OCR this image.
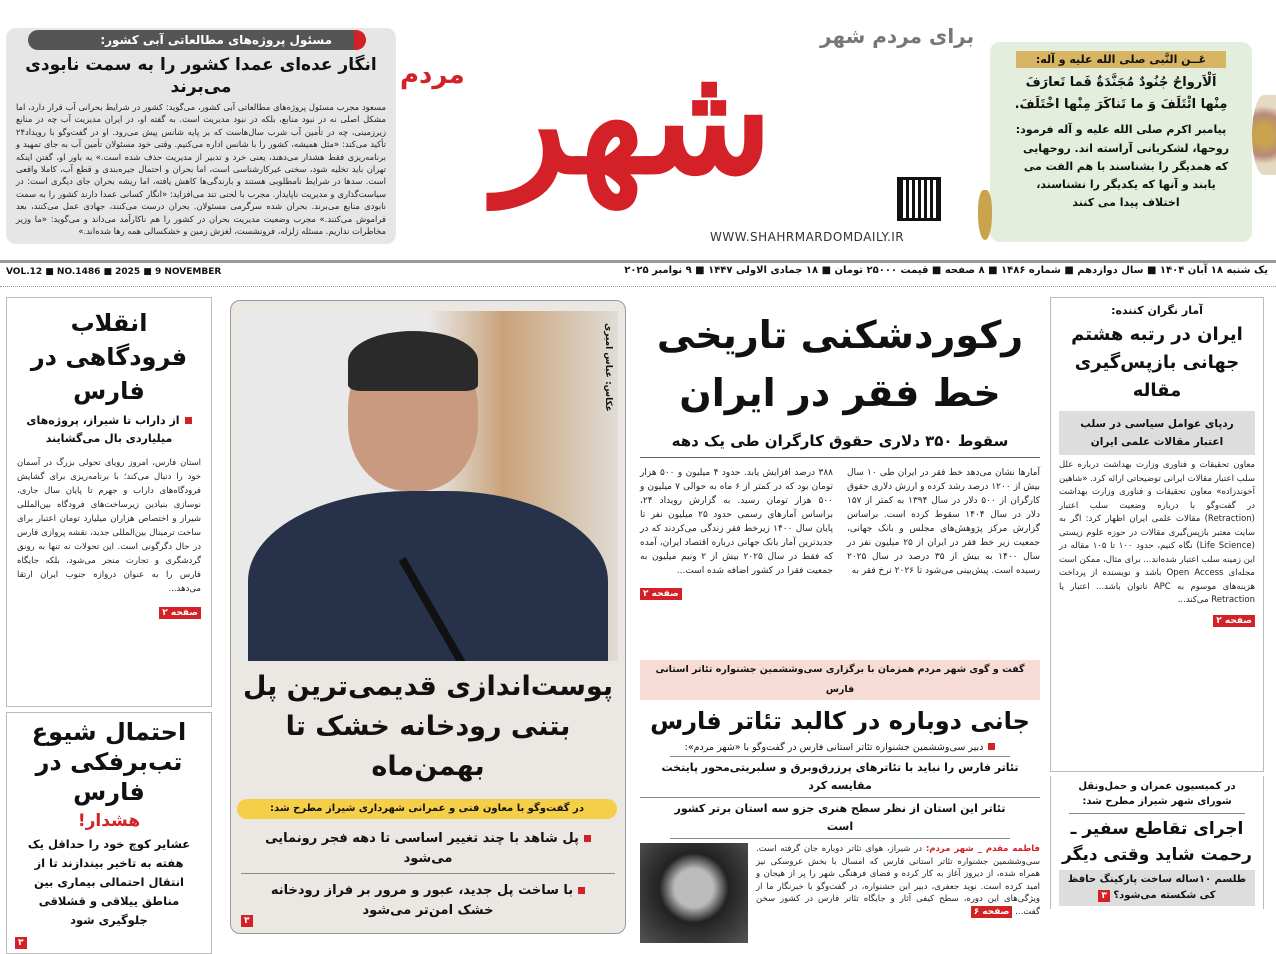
مسئول پروژه‌های مطالعاتی آبی کشور:
انگار عده‌ای عمدا کشور را به سمت نابودی می‌برند
مسعود مجرب مسئول پروژه‌های مطالعاتی آبی کشور، می‌گوید: کشور در شرایط بحرانی آب قرار دارد، اما مشکل اصلی نه در نبود منابع، بلکه در نبود مدیریت است. به گفته او، در ایران مدیریت آب چه در منابع زیرزمینی، چه در تأمین آب شرب سال‌هاست که بر پایه شانس پیش می‌رود. او در گفت‌وگو با رویداد۲۴ تأکید می‌کند: «مثل همیشه، کشور را با شانس اداره می‌کنیم. وقتی خود مسئولان تأمین آب به جای تمهید و برنامه‌ریزی فقط هشدار می‌دهند، یعنی خرد و تدبیر از مدیریت حذف شده است.» به باور او، گفتن اینکه تهران باید تخلیه شود، سخنی غیرکارشناسی است، اما بحران و احتمال جیره‌بندی و قطع آب، کاملا واقعی است. سدها در شرایط نامطلوبی هستند و بارندگی‌ها کاهش یافته، اما ریشه بحران جای دیگری است: در سیاست‌گذاری و مدیریت ناپایدار. مجرب با لحنی تند می‌افزاید: «انگار کسانی عمدا دارند کشور را به سمت نابودی منابع می‌برند. بحران شده سرگرمی مسئولان. بحران درست می‌کنند، جهادی عمل می‌کنند، بعد فراموش می‌کنند.» مجرب وضعیت مدیریت بحران در کشور را هم ناکارآمد می‌داند و می‌گوید: «ما وزیر مخاطرات نداریم. مسئله زلزله، فرونشست، لغزش زمین و خشکسالی همه رها شده‌اند.»
برای مردم شهر
شهر
مردم
WWW.SHAHRMARDOMDAILY.IR
عَــن النَّبی صلی الله علیه و آله:
اَلْاَرواحُ جُنُودٌ مُجَنَّدَةٌ فَما تَعارَفَ
مِنْها ائْتَلَفَ وَ ما تَناكَرَ مِنْها اخْتَلَفَ.
پیامبر اکرم صلی الله علیه و آله فرمود:
روحها، لشکریانی آراسته اند. روحهایی که همدیگر را بشناسند با هم الفت می یابند و آنها که یکدیگر را نشناسند، اختلاف پیدا می کنند
VOL.12 ■ NO.1486 ■ 2025 ■ 9 NOVEMBER	یک شنبه ۱۸ آبان ۱۴۰۴ ■ سال دوازدهم ■ شماره ۱۴۸۶ ■ ۸ صفحه ■ قیمت ۲۵۰۰۰ تومان ■ ۱۸ جمادی الاولی ۱۴۴۷ ■ ۹ نوامبر ۲۰۲۵
انقلاب فرودگاهی در فارس
از داراب تا شیراز، پروژه‌های میلیاردی بال می‌گشایند
استان فارس، امروز رویای تحولی بزرگ در آسمان خود را دنبال می‌کند؛ با برنامه‌ریزی برای گشایش فرودگاه‌های داراب و جهرم تا پایان سال جاری، نوسازی بنیادین زیرساخت‌های فرودگاه بین‌المللی شیراز و اختصاص هزاران میلیارد تومان اعتبار برای ساخت ترمینال بین‌المللی جدید، نقشه پروازی فارس در حال دگرگونی است. این تحولات نه تنها به رونق گردشگری و تجارت منجر می‌شود، بلکه جایگاه فارس را به عنوان دروازه جنوب ایران ارتقا می‌دهد...
صفحه ۲
احتمال شیوع تب‌برفکی در فارس
هشدار!
عشایر کوچ خود را حداقل یک هفته به تاخیر بیندازند تا از انتقال احتمالی بیماری بین مناطق ییلاقی و قشلاقی جلوگیری شود
۳
عکاس: عباس امیری
پوست‌اندازی قدیمی‌ترین پل بتنی رودخانه خشک تا بهمن‌ماه
در گفت‌وگو با معاون فنی و عمرانی شهرداری شیراز مطرح شد:
پل شاهد با چند تغییر اساسی تا دهه فجر رونمایی می‌شود
با ساخت پل جدید، عبور و مرور بر فراز رودخانه خشک امن‌تر می‌شود
۳
رکوردشکنی تاریخی خط فقر در ایران
سقوط ۳۵۰ دلاری حقوق کارگران طی یک دهه
آمارها نشان می‌دهد خط فقر در ایران طی ۱۰ سال بیش از ۱۲۰۰ درصد رشد کرده و ارزش دلاری حقوق کارگران از ۵۰۰ دلار در سال ۱۳۹۴ به کمتر از ۱۵۷ دلار در سال ۱۴۰۴ سقوط کرده است. براساس گزارش مرکز پژوهش‌های مجلس و بانک جهانی، جمعیت زیر خط فقر در ایران از ۲۵ میلیون نفر در سال ۱۴۰۰ به بیش از ۳۵ درصد در سال ۲۰۲۵ رسیده است. پیش‌بینی می‌شود تا ۲۰۲۶ نرخ فقر به
۳۸۸ درصد افزایش یابد. حدود ۴ میلیون و ۵۰۰ هزار تومان بود که در کمتر از ۶ ماه به حوالی ۷ میلیون و ۵۰۰ هزار تومان رسید. به گزارش رویداد ۲۴، براساس آمارهای رسمی حدود ۲۵ میلیون نفر تا پایان سال ۱۴۰۰ زیرخط فقر زندگی می‌کردند که در جدیدترین آمار بانک جهانی درباره اقتصاد ایران، آمده که فقط در سال ۲۰۲۵ بیش از ۲ ونیم میلیون به جمعیت فقرا در کشور اضافه شده است...
صفحه ۲
گفت و گوی شهر مردم همزمان با برگزاری سی‌وششمین جشنواره تئاتر استانی فارس
جانی دوباره در کالبد تئاتر فارس
دبیر سی‌وششمین جشنواره تئاتر استانی فارس در گفت‌وگو با «شهر مردم»:
تئاتر فارس را نباید با تئاترهای پرزرق‌وبرق و سلبریتی‌محور پایتخت مقایسه کرد
تئاتر این استان از نظر سطح هنری جزو سه استان برتر کشور است
فاطمه مقدم _ شهر مردم: در شیراز، هوای تئاتر دوباره جان گرفته است. سی‌وششمین جشنواره تئاتر استانی فارس که امسال با بخش عروسکی نیز همراه شده، از دیروز آغاز به کار کرده و فضای فرهنگی شهر را پر از هیجان و امید کرده است. نوید جعفری، دبیر این جشنواره، در گفت‌وگو با خبرنگار ما از ویژگی‌های این دوره، سطح کیفی آثار و جایگاه تئاتر فارس در کشور سخن گفت... صفحه ۶
آمار نگران کننده:
ایران در رتبه هشتم جهانی بازپس‌گیری مقاله
ردپای عوامل سیاسی در سلب اعتبار مقالات علمی ایران
معاون تحقیقات و فناوری وزارت بهداشت درباره علل سلب اعتبار مقالات ایرانی توضیحاتی ارائه کرد. «شاهین آخوندزاده» معاون تحقیقات و فناوری وزارت بهداشت در گفت‌وگو با درباره وضعیت سلب اعتبار (Retraction) مقالات علمی ایران اظهار کرد: اگر به سایت معتبر بازپس‌گیری مقالات در حوزه علوم زیستی (Life Science) نگاه کنیم، حدود ۱۰۰ تا ۱۰۵ مقاله در این زمینه سلب اعتبار شده‌اند... برای مثال، ممکن است مجله‌ای Open Access باشد و نویسنده از پرداخت هزینه‌های موسوم به APC ناتوان باشد... اعتبار یا Retraction می‌کند...
صفحه ۲
در کمیسیون عمران و حمل‌ونقل شورای شهر شیراز مطرح شد:
اجرای تقاطع سفیر ـ رحمت شاید وقتی دیگر
طلسم ۱۰ساله ساخت پارکینگ حافظ کی شکسته می‌شود؟ ۳
